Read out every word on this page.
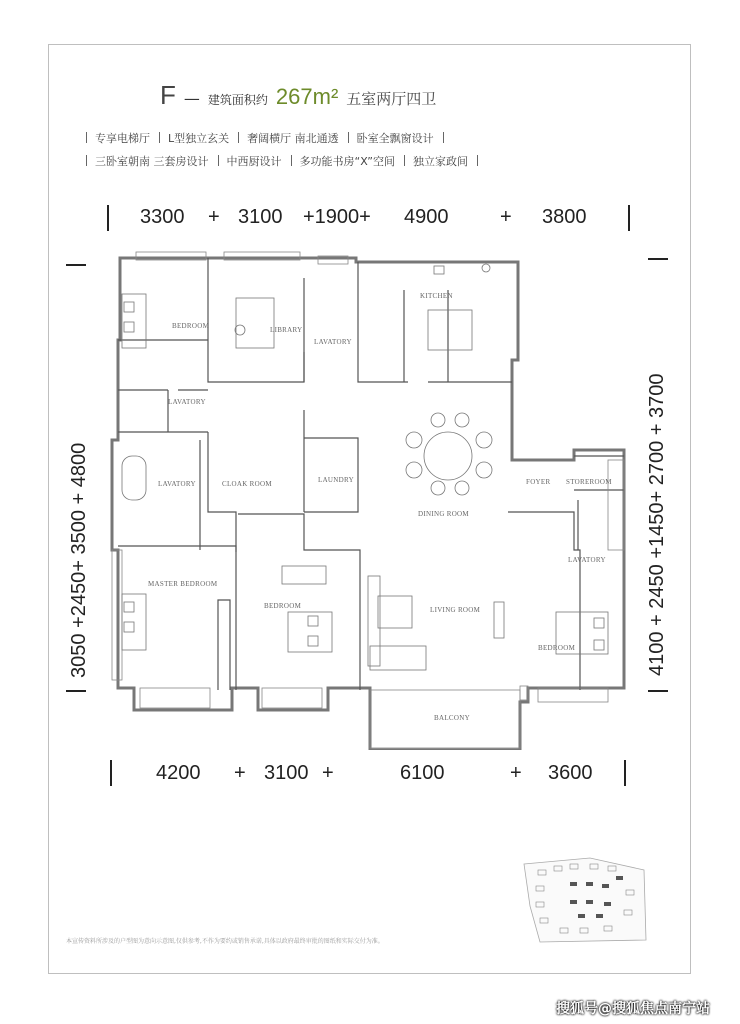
F — 建筑面积约 267m² 五室两厅四卫
专享电梯厅	L型独立玄关	奢阔横厅 南北通透	卧室全飘窗设计
三卧室朝南 三套房设计	中西厨设计	多功能书房“X”空间	独立家政间
3300 + 3100 +1900+ 4900	+ 3800
4200 + 3100 +	6100	+ 3600
3050 +2450+ 3500 + 4800	4100 + 2450 +1450+ 2700 + 3700
BEDROOM	LIBRARY
LAVATORY
KITCHEN
LAVATORY
LAVATORY	CLOAK ROOM	LAUNDRY
DINING ROOM
FOYER STOREROOM
LAVATORY
MASTER BEDROOM
BEDROOM	LIVING ROOM
BEDROOM
BALCONY
本宣传资料所涉及的户型图为意向示意图,仅供参考,不作为要约或销售承诺,具体以政府最终审批的图纸和实际交付为准。
搜狐号@搜狐焦点南宁站
